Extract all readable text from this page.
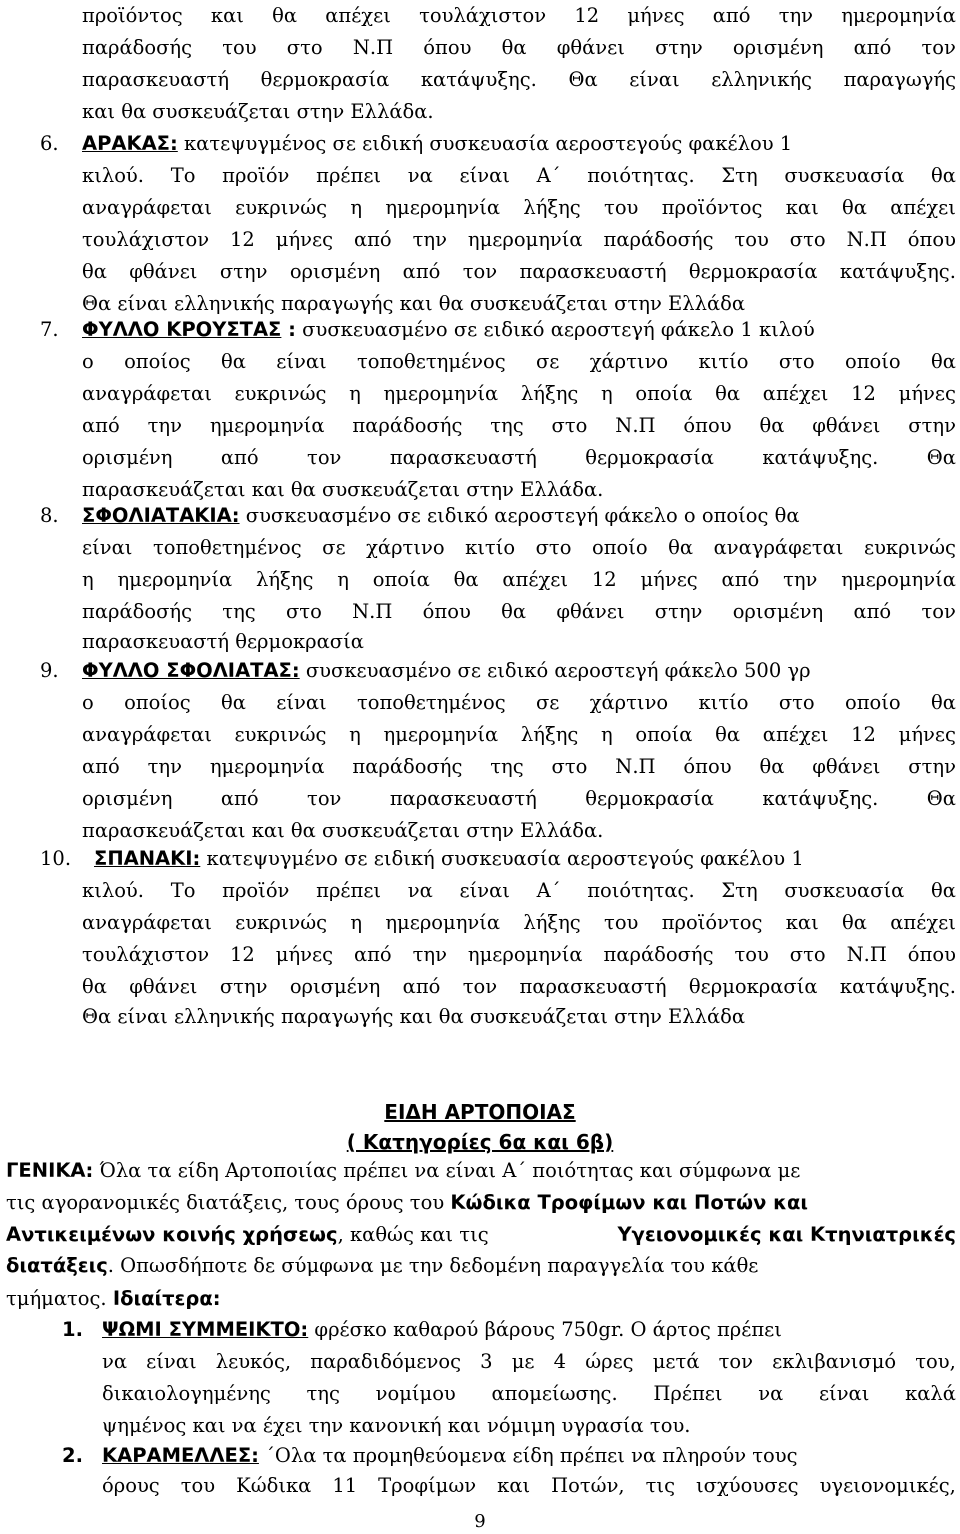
προϊόντος και θα απέχει τουλάχιστον 12 μήνες από την ημερομηνία
παράδοσής του στο Ν.Π όπου θα φθάνει στην ορισμένη από τον
παρασκευαστή θερμοκρασία κατάψυξης. Θα είναι ελληνικής παραγωγής
και θα συσκευάζεται στην Ελλάδα.
6. ΑΡΑΚΑΣ: κατεψυγμένος σε ειδική συσκευασία αεροστεγούς φακέλου 1
κιλού. Το προϊόν πρέπει να είναι Α΄ ποιότητας. Στη συσκευασία θα
αναγράφεται ευκρινώς η ημερομηνία λήξης του προϊόντος και θα απέχει
τουλάχιστον 12 μήνες από την ημερομηνία παράδοσής του στο Ν.Π όπου
θα φθάνει στην ορισμένη από τον παρασκευαστή θερμοκρασία κατάψυξης.
Θα είναι ελληνικής παραγωγής και θα συσκευάζεται στην Ελλάδα
7. ΦΥΛΛΟ ΚΡΟΥΣΤΑΣ : συσκευασμένο σε ειδικό αεροστεγή φάκελο 1 κιλού
ο οποίος θα είναι τοποθετημένος σε χάρτινο κιτίο στο οποίο θα
αναγράφεται ευκρινώς η ημερομηνία λήξης η οποία θα απέχει 12 μήνες
από την ημερομηνία παράδοσής της στο Ν.Π όπου θα φθάνει στην
ορισμένη από τον παρασκευαστή θερμοκρασία κατάψυξης. Θα
παρασκευάζεται και θα συσκευάζεται στην Ελλάδα.
8. ΣΦΟΛΙΑΤΑΚΙΑ: συσκευασμένο σε ειδικό αεροστεγή φάκελο ο οποίος θα
είναι τοποθετημένος σε χάρτινο κιτίο στο οποίο θα αναγράφεται ευκρινώς
η ημερομηνία λήξης η οποία θα απέχει 12 μήνες από την ημερομηνία
παράδοσής της στο Ν.Π όπου θα φθάνει στην ορισμένη από τον
παρασκευαστή θερμοκρασία
9. ΦΥΛΛΟ ΣΦΟΛΙΑΤΑΣ: συσκευασμένο σε ειδικό αεροστεγή φάκελο 500 γρ
ο οποίος θα είναι τοποθετημένος σε χάρτινο κιτίο στο οποίο θα
αναγράφεται ευκρινώς η ημερομηνία λήξης η οποία θα απέχει 12 μήνες
από την ημερομηνία παράδοσής της στο Ν.Π όπου θα φθάνει στην
ορισμένη από τον παρασκευαστή θερμοκρασία κατάψυξης. Θα
παρασκευάζεται και θα συσκευάζεται στην Ελλάδα.
10. ΣΠΑΝΑΚΙ: κατεψυγμένο σε ειδική συσκευασία αεροστεγούς φακέλου 1
κιλού. Το προϊόν πρέπει να είναι Α΄ ποιότητας. Στη συσκευασία θα
αναγράφεται ευκρινώς η ημερομηνία λήξης του προϊόντος και θα απέχει
τουλάχιστον 12 μήνες από την ημερομηνία παράδοσής του στο Ν.Π όπου
θα φθάνει στην ορισμένη από τον παρασκευαστή θερμοκρασία κατάψυξης.
Θα είναι ελληνικής παραγωγής και θα συσκευάζεται στην Ελλάδα
ΕΙΔΗ ΑΡΤΟΠΟΙΑΣ
( Κατηγορίες 6α και 6β)
ΓΕΝΙΚΑ: Όλα τα είδη Αρτοποιίας πρέπει να είναι Α΄ ποιότητας και σύμφωνα με
τις αγορανομικές διατάξεις, τους όρους του Κώδικα Τροφίμων και Ποτών και
Αντικειμένων κοινής χρήσεως, καθώς και τις	Υγειονομικές και Κτηνιατρικές
διατάξεις. Οπωσδήποτε δε σύμφωνα με την δεδομένη παραγγελία του κάθε
τμήματος. Ιδιαίτερα:
1. ΨΩΜΙ ΣΥΜΜΕΙΚΤΟ: φρέσκο καθαρού βάρους 750gr. Ο άρτος πρέπει
να είναι λευκός, παραδιδόμενος 3 με 4 ώρες μετά τον εκλιβανισμό του,
δικαιολογημένης της νομίμου απομείωσης. Πρέπει να είναι καλά
ψημένος και να έχει την κανονική και νόμιμη υγρασία του.
2. ΚΑΡΑΜΕΛΛΕΣ: ΄Ολα τα προμηθεύομενα είδη πρέπει να πληρούν τους
όρους του Κώδικα 11 Τροφίμων και Ποτών, τις ισχύουσες υγειονομικές,
9
